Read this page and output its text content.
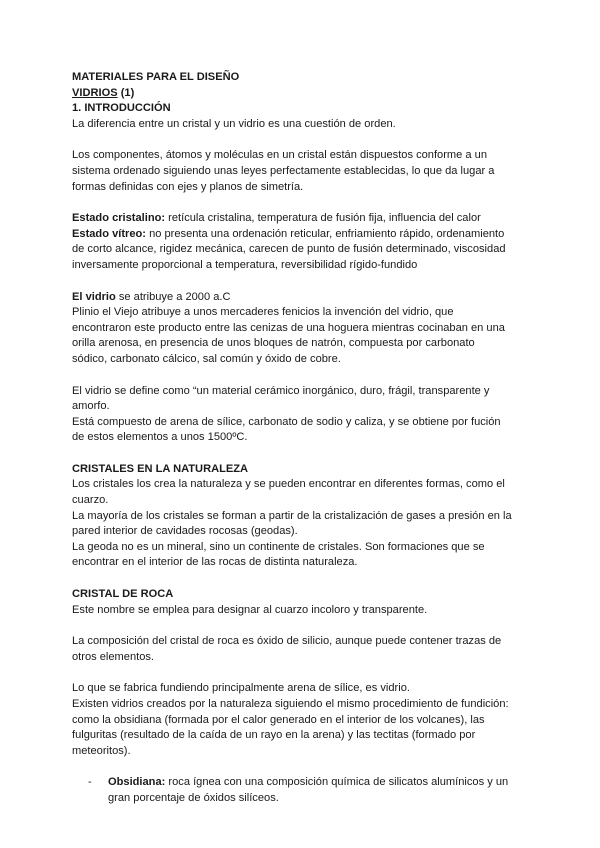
MATERIALES PARA EL DISEÑO

VIDRIOS (1)

1. INTRODUCCIÓN

La diferencia entre un cristal y un vidrio es una cuestión de orden.

Los componentes, átomos y moléculas en un cristal están dispuestos conforme a un sistema ordenado siguiendo unas leyes perfectamente establecidas, lo que da lugar a formas definidas con ejes y planos de simetría.

Estado cristalino: retícula cristalina, temperatura de fusión fija, influencia del calor

Estado vítreo: no presenta una ordenación reticular, enfriamiento rápido, ordenamiento de corto alcance, rigidez mecánica, carecen de punto de fusión determinado, viscosidad inversamente proporcional a temperatura, reversibilidad rígido-fundido

El vidrio se atribuye a 2000 a.C

Plinio el Viejo atribuye a unos mercaderes fenicios la invención del vidrio, que encontraron este producto entre las cenizas de una hoguera mientras cocinaban en una orilla arenosa, en presencia de unos bloques de natrón, compuesta por carbonato sódico, carbonato cálcico, sal común y óxido de cobre.

El vidrio se define como “un material cerámico inorgánico, duro, frágil, transparente y amorfo.

Está compuesto de arena de sílice, carbonato de sodio y caliza, y se obtiene por fución de estos elementos a unos 1500ºC.

CRISTALES EN LA NATURALEZA

Los cristales los crea la naturaleza y se pueden encontrar en diferentes formas, como el cuarzo.

La mayoría de los cristales se forman a partir de la cristalización de gases a presión en la pared interior de cavidades rocosas (geodas).

La geoda no es un mineral, sino un continente de cristales. Son formaciones que se encontrar en el interior de las rocas de distinta naturaleza.

CRISTAL DE ROCA

Este nombre se emplea para designar al cuarzo incoloro y transparente.

La composición del cristal de roca es óxido de silicio, aunque puede contener trazas de otros elementos.

Lo que se fabrica fundiendo principalmente arena de sílice, es vidrio.

Existen vidrios creados por la naturaleza siguiendo el mismo procedimiento de fundición: como la obsidiana (formada por el calor generado en el interior de los volcanes), las fulguritas (resultado de la caída de un rayo en la arena) y las tectitas (formado por meteoritos).

-	Obsidiana: roca ígnea con una composición química de silicatos alumínicos y un gran porcentaje de óxidos silíceos.
